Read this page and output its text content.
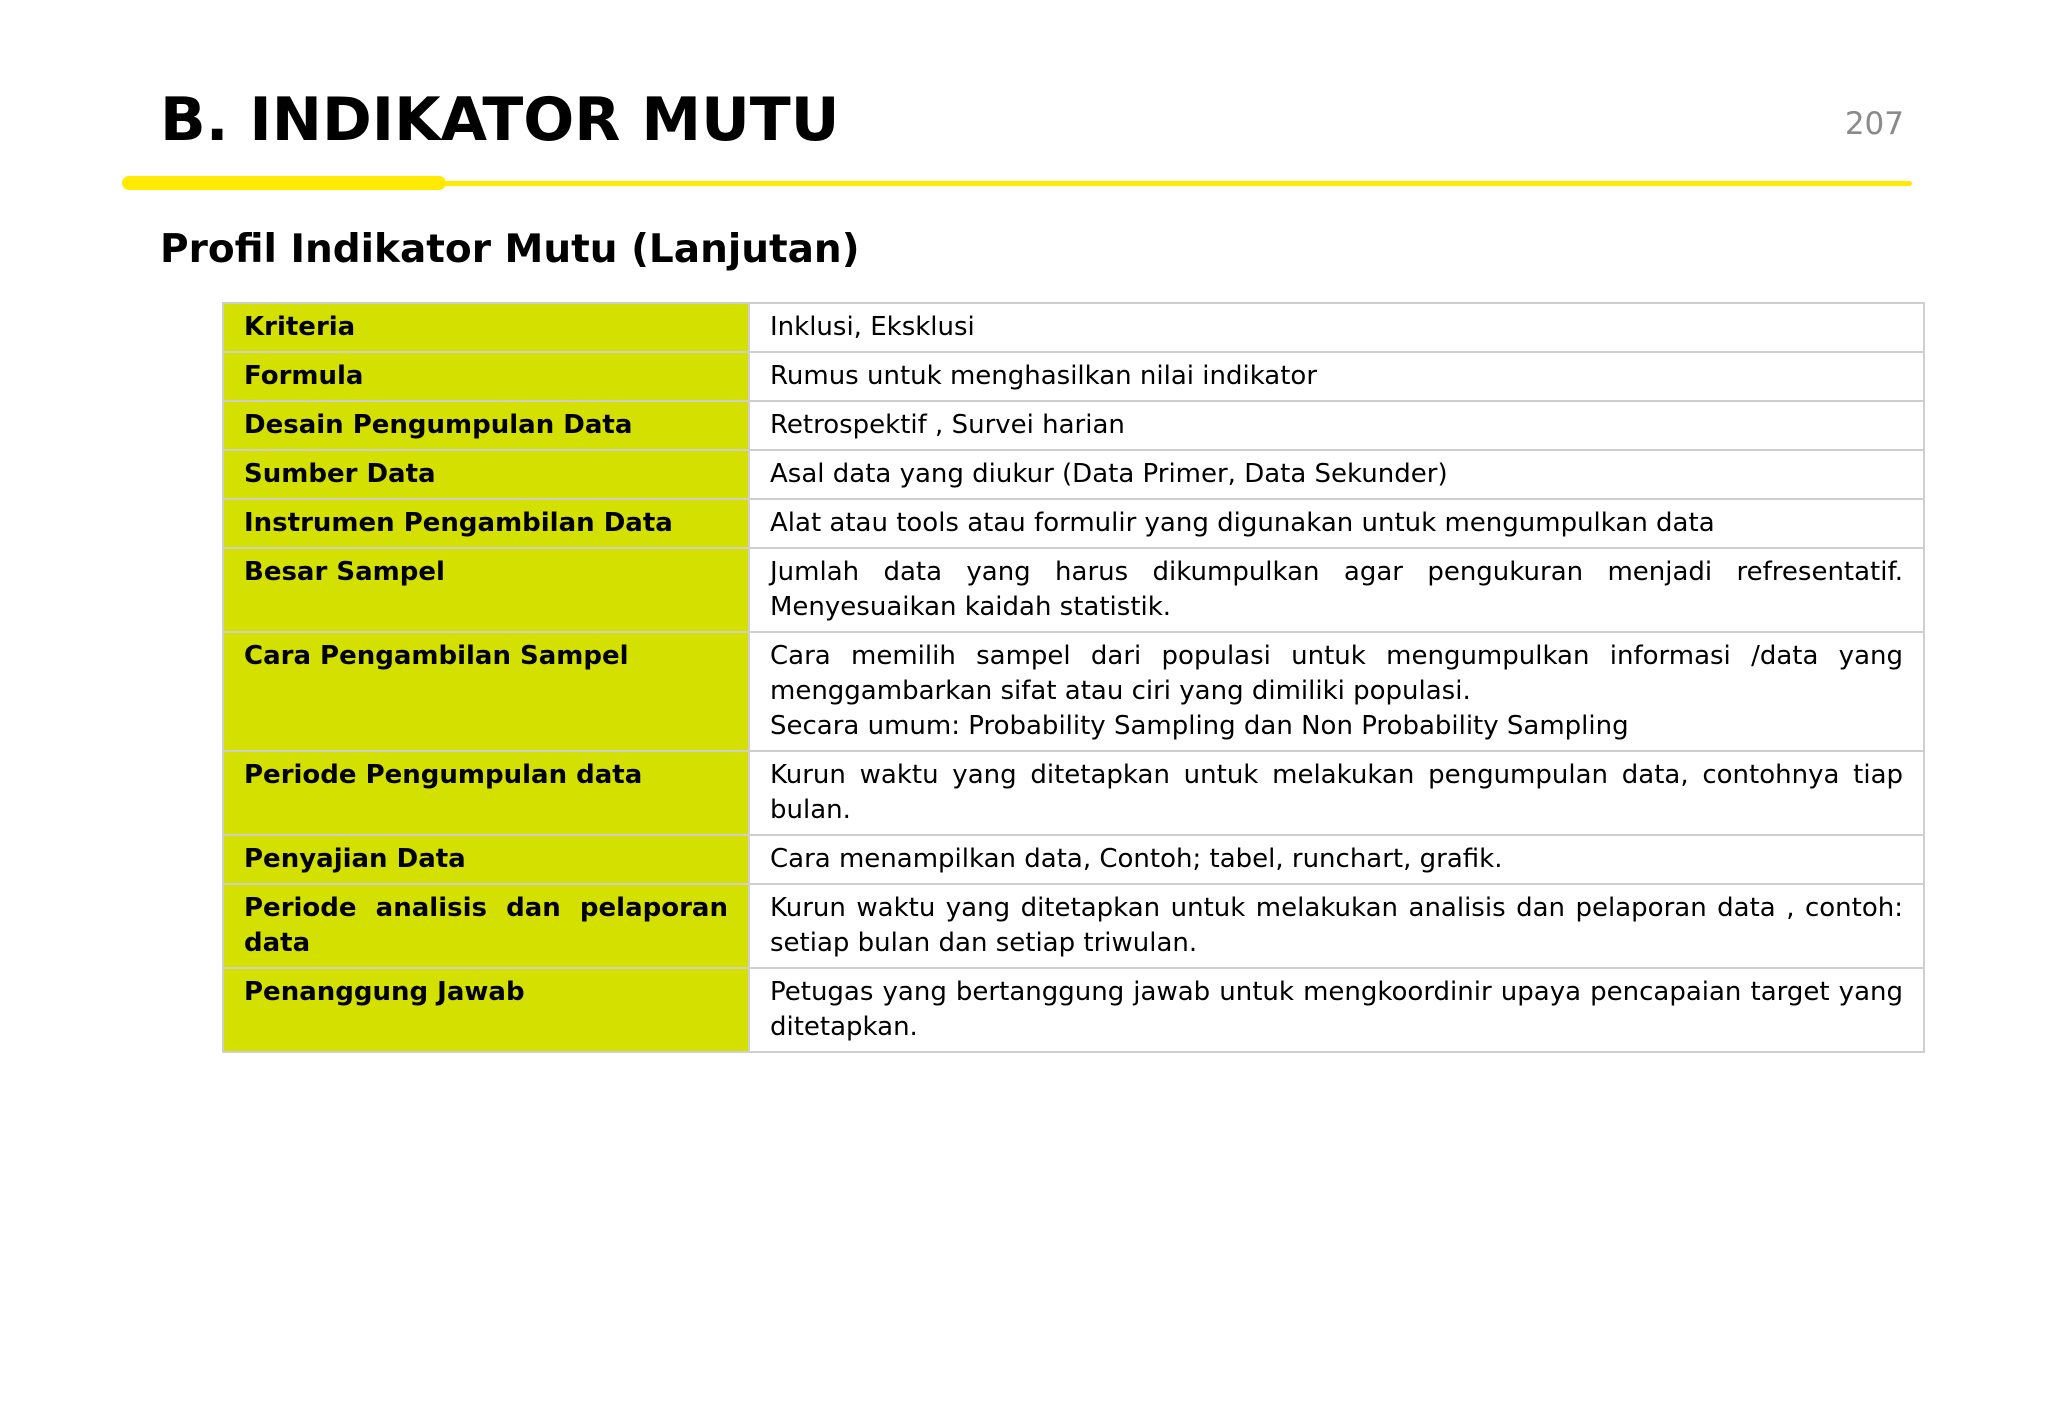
B. INDIKATOR MUTU	207
Profil Indikator Mutu (Lanjutan)
Kriteria	Inklusi, Eksklusi

Formula	Rumus untuk menghasilkan nilai indikator

Desain Pengumpulan Data	Retrospektif , Survei harian

Sumber Data	Asal data yang diukur (Data Primer, Data Sekunder)

Instrumen Pengambilan Data	Alat atau tools atau formulir yang digunakan untuk mengumpulkan data

Besar Sampel	Jumlah data yang harus dikumpulkan agar pengukuran menjadi refresentatif. Menyesuaikan kaidah statistik.

Cara Pengambilan Sampel	Cara memilih sampel dari populasi untuk mengumpulkan informasi /data yang menggambarkan sifat atau ciri yang dimiliki populasi.
Secara umum: Probability Sampling dan Non Probability Sampling

Periode Pengumpulan data	Kurun waktu yang ditetapkan untuk melakukan pengumpulan data, contohnya tiap bulan.

Penyajian Data	Cara menampilkan data, Contoh; tabel, runchart, grafik.

Periode analisis dan pelaporan data	Kurun waktu yang ditetapkan untuk melakukan analisis dan pelaporan data , contoh: setiap bulan dan setiap triwulan.

Penanggung Jawab	Petugas yang bertanggung jawab untuk mengkoordinir upaya pencapaian target yang ditetapkan.
